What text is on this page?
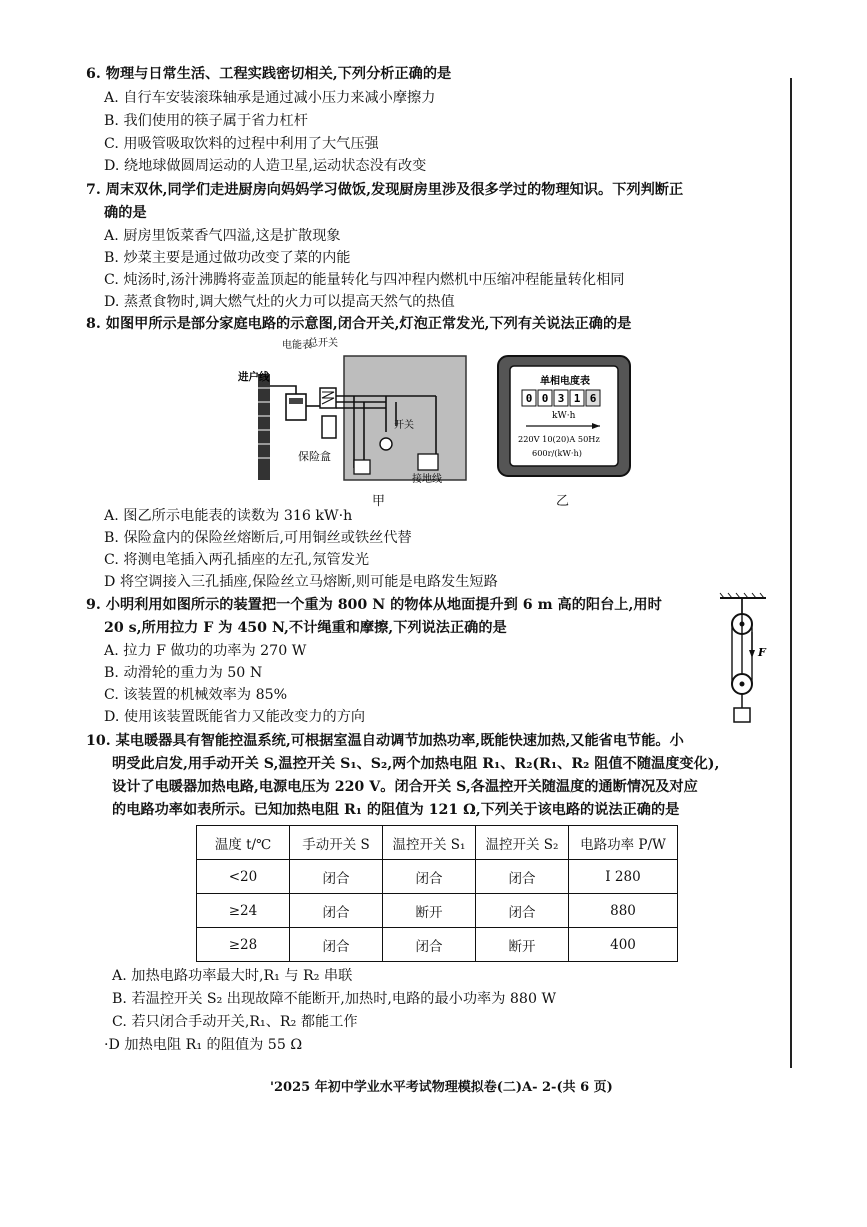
6. 物理与日常生活、工程实践密切相关,下列分析正确的是
A. 自行车安装滚珠轴承是通过减小压力来减小摩擦力
B. 我们使用的筷子属于省力杠杆
C. 用吸管吸取饮料的过程中利用了大气压强
D. 绕地球做圆周运动的人造卫星,运动状态没有改变
7. 周末双休,同学们走进厨房向妈妈学习做饭,发现厨房里涉及很多学过的物理知识。下列判断正
确的是
A. 厨房里饭菜香气四溢,这是扩散现象
B. 炒菜主要是通过做功改变了菜的内能
C. 炖汤时,汤汁沸腾将壶盖顶起的能量转化与四冲程内燃机中压缩冲程能量转化相同
D. 蒸煮食物时,调大燃气灶的火力可以提高天然气的热值
8. 如图甲所示是部分家庭电路的示意图,闭合开关,灯泡正常发光,下列有关说法正确的是
进户线
电能表
总开关
保险盒
开关
接地线
甲
单相电度表
0 0 3 1 6
kW·h
220V 10(20)A 50Hz
600r/(kW·h)
乙
A. 图乙所示电能表的读数为 316 kW·h
B. 保险盒内的保险丝熔断后,可用铜丝或铁丝代替
C. 将测电笔插入两孔插座的左孔,氖管发光
D 将空调接入三孔插座,保险丝立马熔断,则可能是电路发生短路
9. 小明利用如图所示的装置把一个重为 800 N 的物体从地面提升到 6 m 高的阳台上,用时
20 s,所用拉力 F 为 450 N,不计绳重和摩擦,下列说法正确的是
A. 拉力 F 做功的功率为 270 W
B. 动滑轮的重力为 50 N
C. 该装置的机械效率为 85%
D. 使用该装置既能省力又能改变力的方向
F
10. 某电暖器具有智能控温系统,可根据室温自动调节加热功率,既能快速加热,又能省电节能。小
明受此启发,用手动开关 S,温控开关 S₁、S₂,两个加热电阻 R₁、R₂(R₁、R₂ 阻值不随温度变化),
设计了电暖器加热电路,电源电压为 220 V。闭合开关 S,各温控开关随温度的通断情况及对应
的电路功率如表所示。已知加热电阻 R₁ 的阻值为 121 Ω,下列关于该电路的说法正确的是
温度 t/℃	手动开关 S	温控开关 S₁	温控开关 S₂	电路功率 P/W
<20	闭合	闭合	闭合	I 280
≥24	闭合	断开	闭合	880
≥28	闭合	闭合	断开	400
A. 加热电路功率最大时,R₁ 与 R₂ 串联
B. 若温控开关 S₂ 出现故障不能断开,加热时,电路的最小功率为 880 W
C. 若只闭合手动开关,R₁、R₂ 都能工作
·D 加热电阻 R₁ 的阻值为 55 Ω
'2025 年初中学业水平考试物理模拟卷(二)A- 2-(共 6 页)
